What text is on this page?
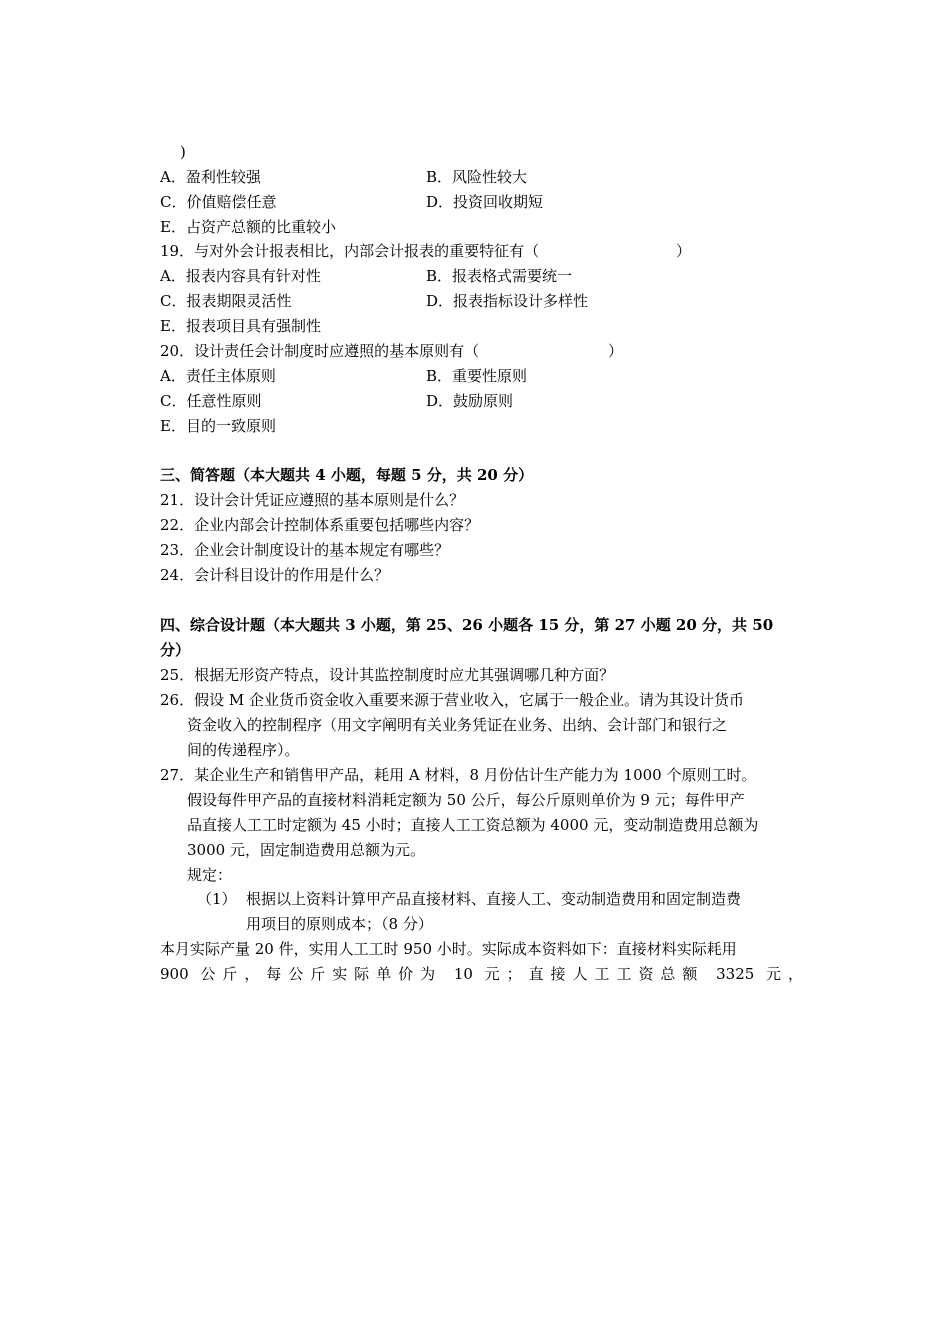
)
A．盈利性较强	B．风险性较大
C．价值赔偿任意	D．投资回收期短
E．占资产总额的比重较小
19．与对外会计报表相比，内部会计报表的重要特征有（	）
A．报表内容具有针对性	B．报表格式需要统一
C．报表期限灵活性	D．报表指标设计多样性
E．报表项目具有强制性
20．设计责任会计制度时应遵照的基本原则有（	）
A．责任主体原则	B．重要性原则
C．任意性原则	D．鼓励原则
E．目的一致原则
三、简答题（本大题共 4 小题，每题 5 分，共 20 分）
21．设计会计凭证应遵照的基本原则是什么？
22．企业内部会计控制体系重要包括哪些内容？
23．企业会计制度设计的基本规定有哪些？
24．会计科目设计的作用是什么？
四、综合设计题（本大题共 3 小题，第 25、26 小题各 15 分，第 27 小题 20 分，共 50
分）
25．根据无形资产特点，设计其监控制度时应尤其强调哪几种方面？
26．假设 M 企业货币资金收入重要来源于营业收入，它属于一般企业。请为其设计货币
资金收入的控制程序（用文字阐明有关业务凭证在业务、出纳、会计部门和银行之
间的传递程序）。
27．某企业生产和销售甲产品，耗用 A 材料，8 月份估计生产能力为 1000 个原则工时。
假设每件甲产品的直接材料消耗定额为 50 公斤，每公斤原则单价为 9 元；每件甲产
品直接人工工时定额为 45 小时；直接人工工资总额为 4000 元，变动制造费用总额为
3000 元，固定制造费用总额为元。
规定：
（1） 根据以上资料计算甲产品直接材料、直接人工、变动制造费用和固定制造费
用项目的原则成本；（8 分）
本月实际产量 20 件，实用人工工时 950 小时。实际成本资料如下：直接材料实际耗用
900 公斤，每公斤实际单价为 10 元；直接人工工资总额 3325 元，
